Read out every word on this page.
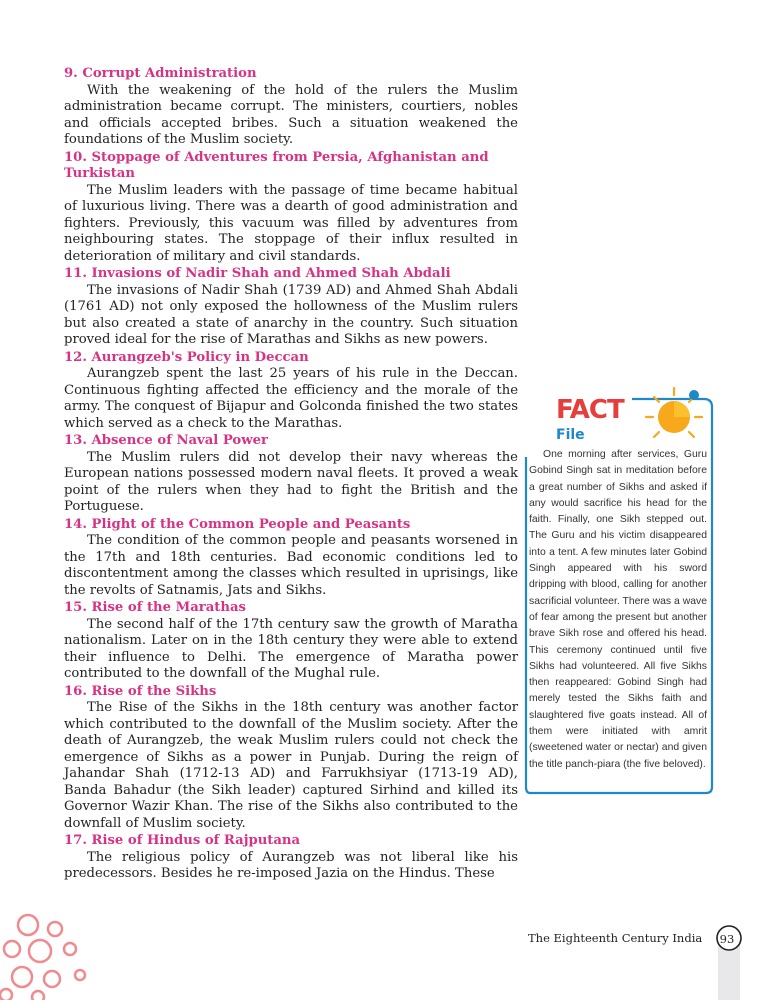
9. Corrupt Administration

With the weakening of the hold of the rulers the Muslim administration became corrupt. The ministers, courtiers, nobles and officials accepted bribes. Such a situation weakened the foundations of the Muslim society.

10. Stoppage of Adventures from Persia, Afghanistan and Turkistan

The Muslim leaders with the passage of time became habitual of luxurious living. There was a dearth of good administration and fighters. Previously, this vacuum was filled by adventures from neighbouring states. The stoppage of their influx resulted in deterioration of military and civil standards.

11. Invasions of Nadir Shah and Ahmed Shah Abdali

The invasions of Nadir Shah (1739 AD) and Ahmed Shah Abdali (1761 AD) not only exposed the hollowness of the Muslim rulers but also created a state of anarchy in the country. Such situation proved ideal for the rise of Marathas and Sikhs as new powers.

12. Aurangzeb's Policy in Deccan

Aurangzeb spent the last 25 years of his rule in the Deccan. Continuous fighting affected the efficiency and the morale of the army. The conquest of Bijapur and Golconda finished the two states which served as a check to the Marathas.

13. Absence of Naval Power

The Muslim rulers did not develop their navy whereas the European nations possessed modern naval fleets. It proved a weak point of the rulers when they had to fight the British and the Portuguese.

14. Plight of the Common People and Peasants

The condition of the common people and peasants worsened in the 17th and 18th centuries. Bad economic conditions led to discontentment among the classes which resulted in uprisings, like the revolts of Satnamis, Jats and Sikhs.

15. Rise of the Marathas

The second half of the 17th century saw the growth of Maratha nationalism. Later on in the 18th century they were able to extend their influence to Delhi. The emergence of Maratha power contributed to the downfall of the Mughal rule.

16. Rise of the Sikhs

The Rise of the Sikhs in the 18th century was another factor which contributed to the downfall of the Muslim society. After the death of Aurangzeb, the weak Muslim rulers could not check the emergence of Sikhs as a power in Punjab. During the reign of Jahandar Shah (1712-13 AD) and Farrukhsiyar (1713-19 AD), Banda Bahadur (the Sikh leader) captured Sirhind and killed its Governor Wazir Khan. The rise of the Sikhs also contributed to the downfall of Muslim society.

17. Rise of Hindus of Rajputana

The religious policy of Aurangzeb was not liberal like his predecessors. Besides he re-imposed Jazia on the Hindus. These

FACT
File
One morning after services, Guru Gobind Singh sat in meditation before a great number of Sikhs and asked if any would sacrifice his head for the faith. Finally, one Sikh stepped out. The Guru and his victim disappeared into a tent. A few minutes later Gobind Singh appeared with his sword dripping with blood, calling for another sacrificial volunteer. There was a wave of fear among the present but another brave Sikh rose and offered his head. This ceremony continued until five Sikhs had volunteered. All five Sikhs then reappeared: Gobind Singh had merely tested the Sikhs faith and slaughtered five goats instead. All of them were initiated with amrit (sweetened water or nectar) and given the title panch-piara (the five beloved).
The Eighteenth Century India	93
